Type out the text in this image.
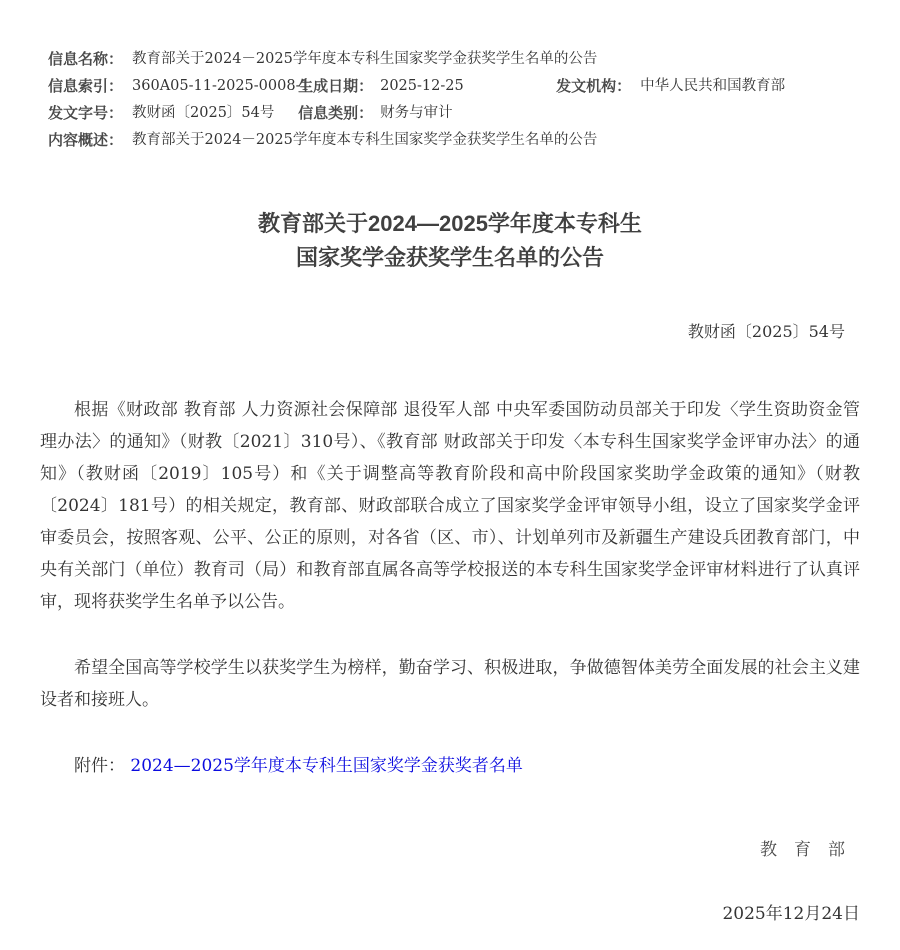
信息名称： 教育部关于2024－2025学年度本专科生国家奖学金获奖学生名单的公告
信息索引： 360A05-11-2025-0008-1 生成日期： 2025-12-25	发文机构： 中华人民共和国教育部
发文字号： 教财函〔2025〕54号 信息类别： 财务与审计
内容概述： 教育部关于2024－2025学年度本专科生国家奖学金获奖学生名单的公告
教育部关于2024—2025学年度本专科生
国家奖学金获奖学生名单的公告
教财函〔2025〕54号

根据《财政部 教育部 人力资源社会保障部 退役军人部 中央军委国防动员部关于印发〈学生资助资金管理办法〉的通知》（财教〔2021〕310号）、《教育部 财政部关于印发〈本专科生国家奖学金评审办法〉的通知》（教财函〔2019〕105号）和《关于调整高等教育阶段和高中阶段国家奖助学金政策的通知》（财教〔2024〕181号）的相关规定，教育部、财政部联合成立了国家奖学金评审领导小组，设立了国家奖学金评审委员会，按照客观、公平、公正的原则，对各省（区、市）、计划单列市及新疆生产建设兵团教育部门，中央有关部门（单位）教育司（局）和教育部直属各高等学校报送的本专科生国家奖学金评审材料进行了认真评审，现将获奖学生名单予以公告。

希望全国高等学校学生以获奖学生为榜样，勤奋学习、积极进取，争做德智体美劳全面发展的社会主义建设者和接班人。

附件： 2024—2025学年度本专科生国家奖学金获奖者名单

教　育　部
2025年12月24日
